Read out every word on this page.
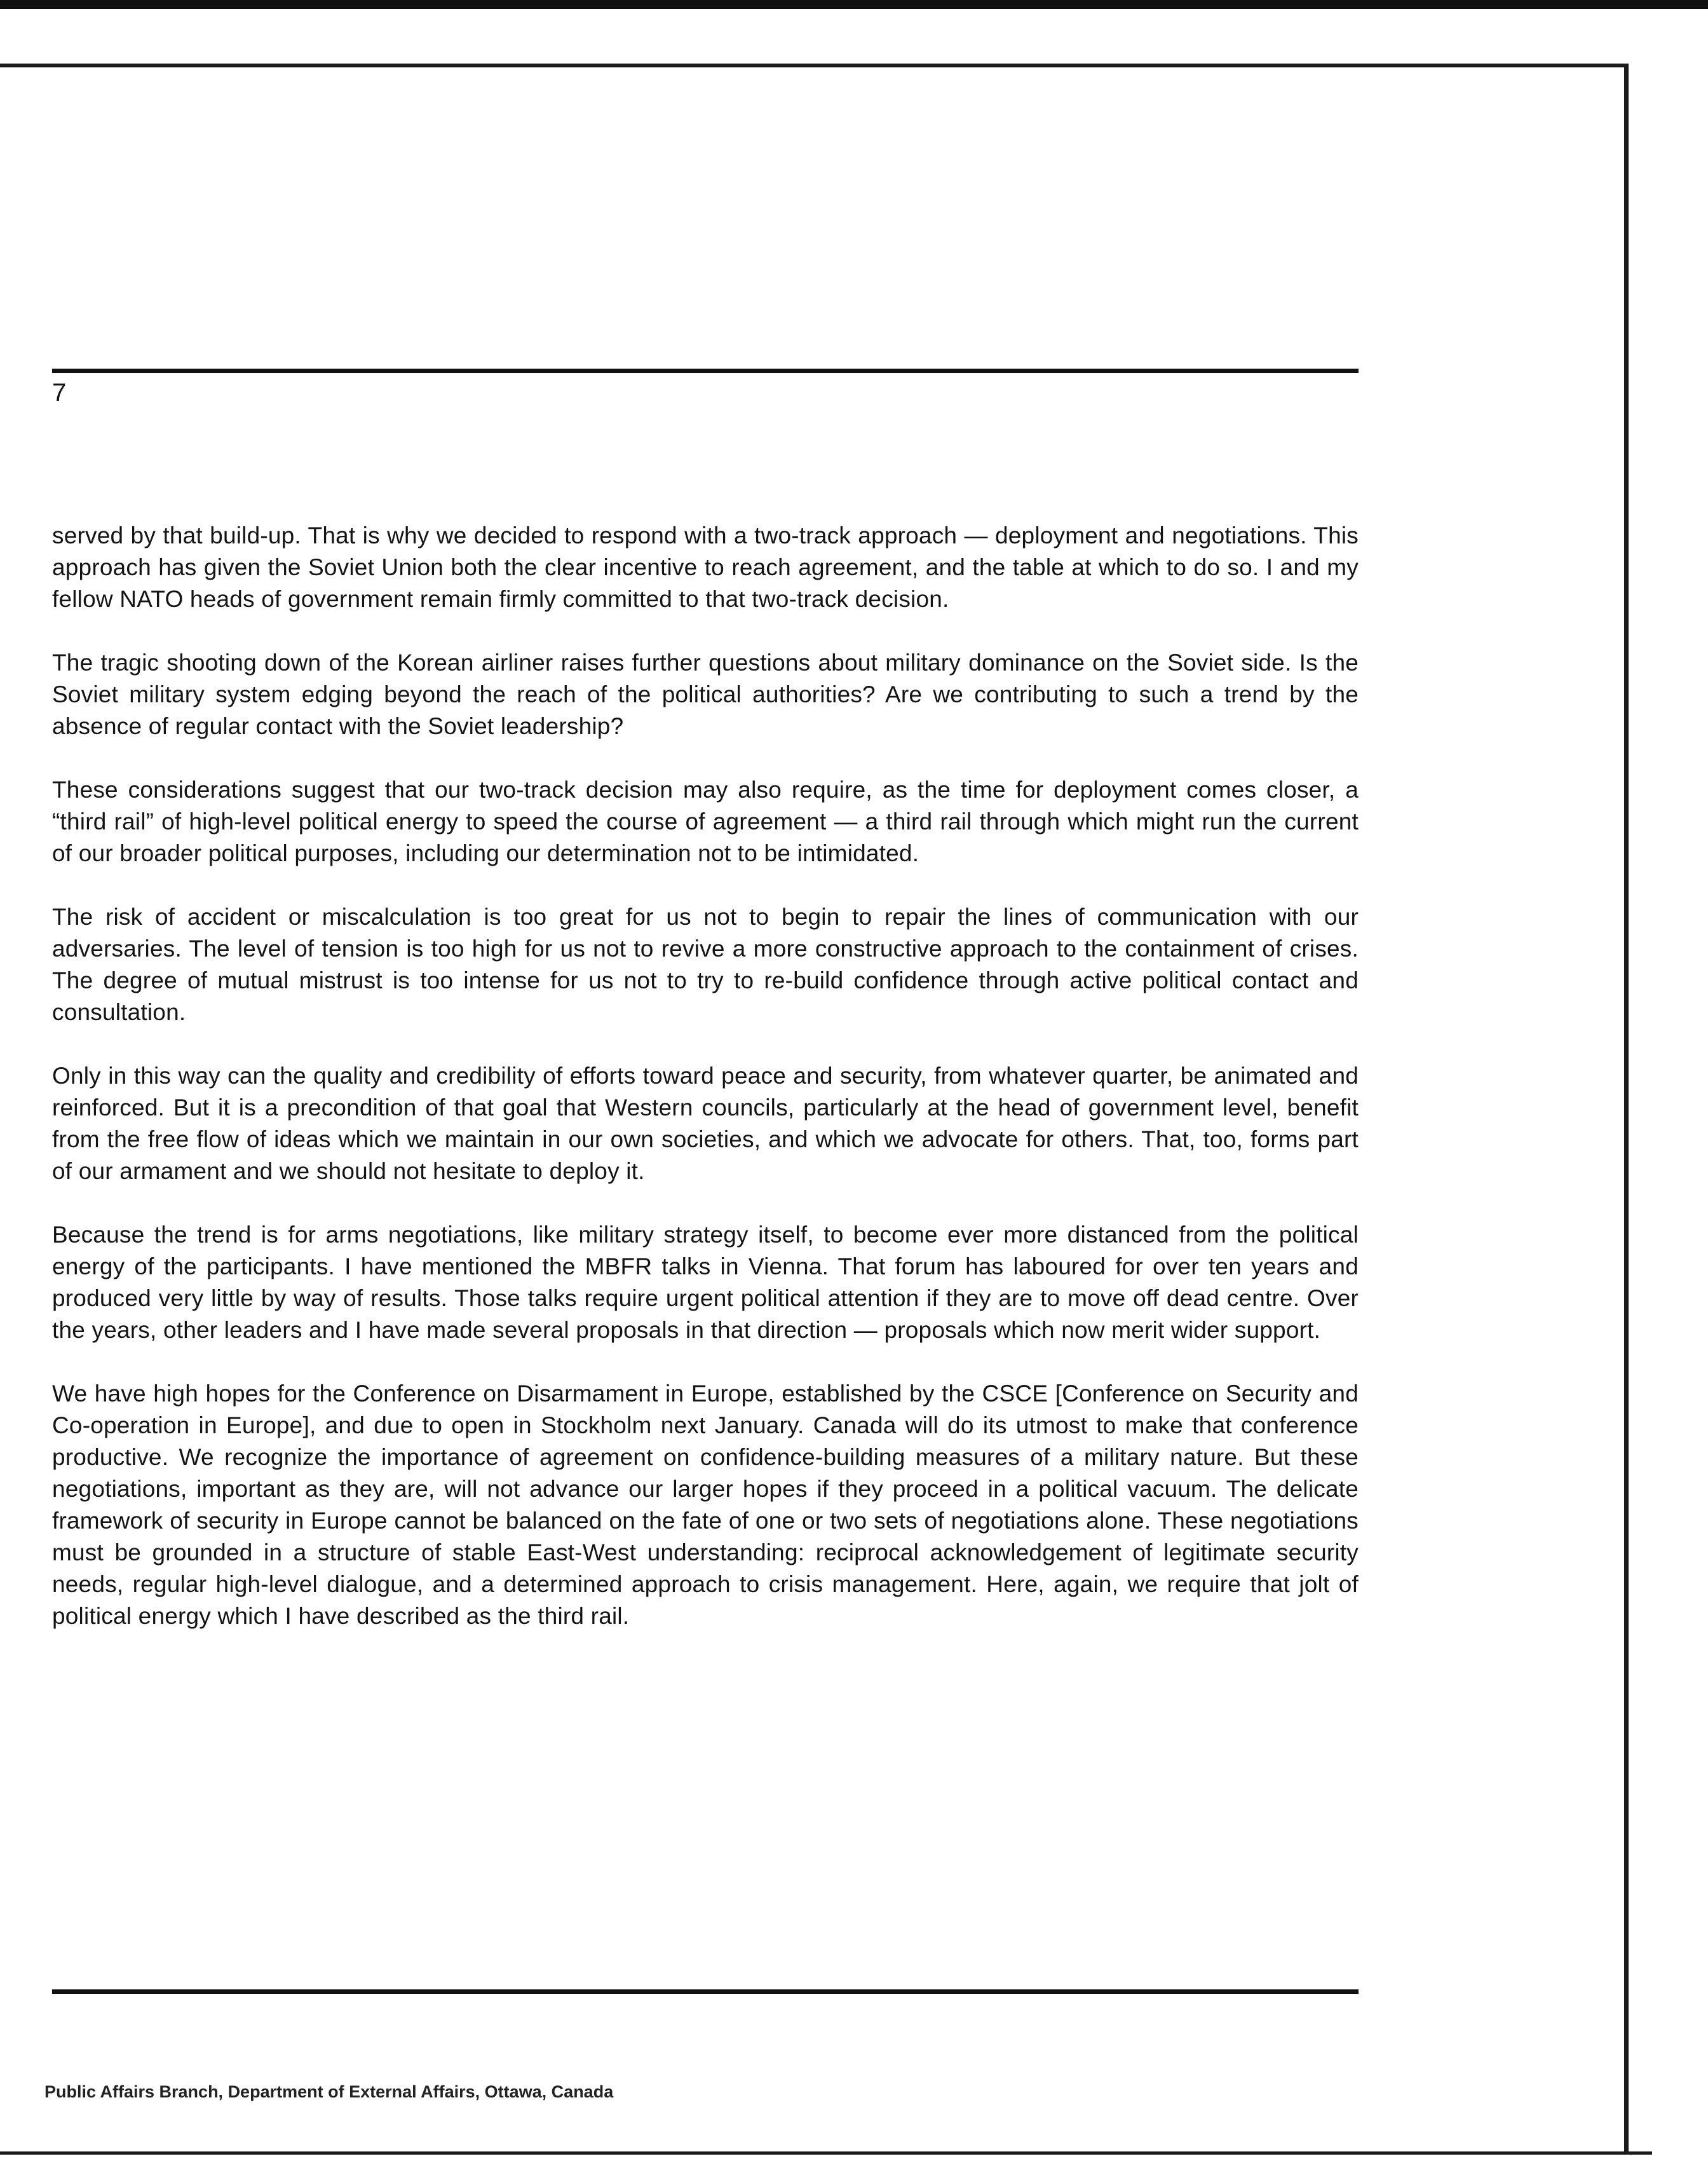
7

served by that build-up. That is why we decided to respond with a two-track approach — deployment and negotiations. This approach has given the Soviet Union both the clear incentive to reach agreement, and the table at which to do so. I and my fellow NATO heads of government remain firmly committed to that two-track decision.

The tragic shooting down of the Korean airliner raises further questions about military dominance on the Soviet side. Is the Soviet military system edging beyond the reach of the political authorities? Are we contributing to such a trend by the absence of regular contact with the Soviet leadership?

These considerations suggest that our two-track decision may also require, as the time for deployment comes closer, a “third rail” of high-level political energy to speed the course of agreement — a third rail through which might run the current of our broader political purposes, including our determination not to be intimidated.

The risk of accident or miscalculation is too great for us not to begin to repair the lines of communication with our adversaries. The level of tension is too high for us not to revive a more constructive approach to the containment of crises. The degree of mutual mistrust is too intense for us not to try to re-build confidence through active political contact and consultation.

Only in this way can the quality and credibility of efforts toward peace and security, from whatever quarter, be animated and reinforced. But it is a precondition of that goal that Western councils, particularly at the head of government level, benefit from the free flow of ideas which we maintain in our own societies, and which we advocate for others. That, too, forms part of our armament and we should not hesitate to deploy it.

Because the trend is for arms negotiations, like military strategy itself, to become ever more distanced from the political energy of the participants. I have mentioned the MBFR talks in Vienna. That forum has laboured for over ten years and produced very little by way of results. Those talks require urgent political attention if they are to move off dead centre. Over the years, other leaders and I have made several proposals in that direction — proposals which now merit wider support.

We have high hopes for the Conference on Disarmament in Europe, established by the CSCE [Conference on Security and Co-operation in Europe], and due to open in Stockholm next January. Canada will do its utmost to make that conference productive. We recognize the importance of agreement on confidence-building measures of a military nature. But these negotiations, important as they are, will not advance our larger hopes if they proceed in a political vacuum. The delicate framework of security in Europe cannot be balanced on the fate of one or two sets of negotiations alone. These negotiations must be grounded in a structure of stable East-West understanding: reciprocal acknowledgement of legitimate security needs, regular high-level dialogue, and a determined approach to crisis management. Here, again, we require that jolt of political energy which I have described as the third rail.

Public Affairs Branch, Department of External Affairs, Ottawa, Canada
